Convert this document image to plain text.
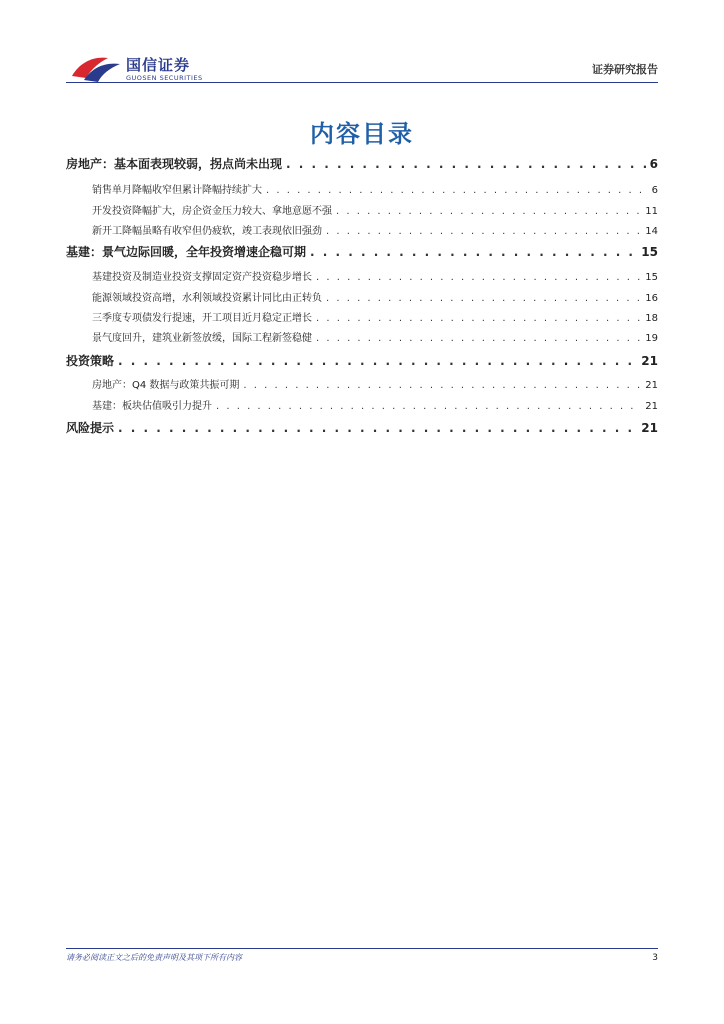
国信证券
GUOSEN SECURITIES
证券研究报告
内容目录
房地产：基本面表现较弱，拐点尚未出现 . . .	6
销售单月降幅收窄但累计降幅持续扩大 . . .	6
开发投资降幅扩大，房企资金压力较大、拿地意愿不强 . . .	11
新开工降幅虽略有收窄但仍疲软，竣工表现依旧强劲 . . .	14
基建：景气边际回暖，全年投资增速企稳可期 . . .	15
基建投资及制造业投资支撑固定资产投资稳步增长 . . .	15
能源领域投资高增，水利领域投资累计同比由正转负 . . .	16
三季度专项债发行提速，开工项目近月稳定正增长 . . .	18
景气度回升，建筑业新签放缓，国际工程新签稳健 . . .	19
投资策略 . . .	21
房地产：Q4 数据与政策共振可期 . . .	21
基建：板块估值吸引力提升 . . .	21
风险提示 . . .	21
请务必阅读正文之后的免责声明及其项下所有内容	3
